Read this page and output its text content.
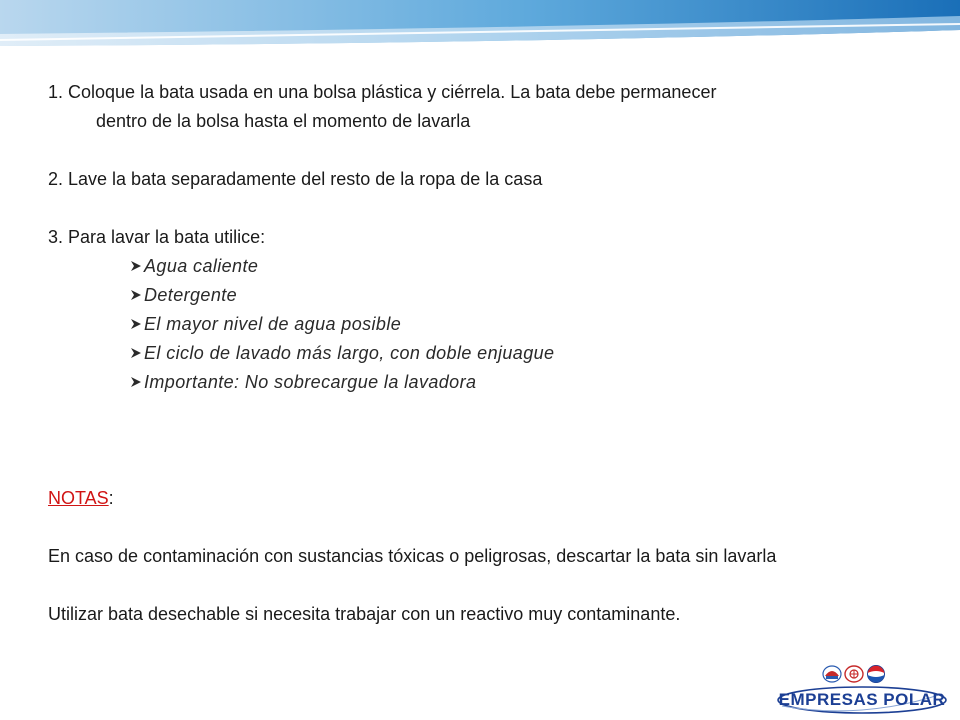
1. Coloque la bata usada en una bolsa plástica y ciérrela. La bata debe permanecer
dentro de la bolsa hasta el momento de lavarla

2. Lave la bata separadamente del resto de la ropa de la casa

3. Para lavar la bata utilice:

Agua caliente
Detergente
El mayor nivel de agua posible
El ciclo de lavado más largo, con doble enjuague
Importante: No sobrecargue la lavadora

NOTAS:

En caso de contaminación con sustancias tóxicas o peligrosas, descartar la bata sin lavarla

Utilizar bata desechable si necesita trabajar con un reactivo muy contaminante.

EMPRESAS POLAR
